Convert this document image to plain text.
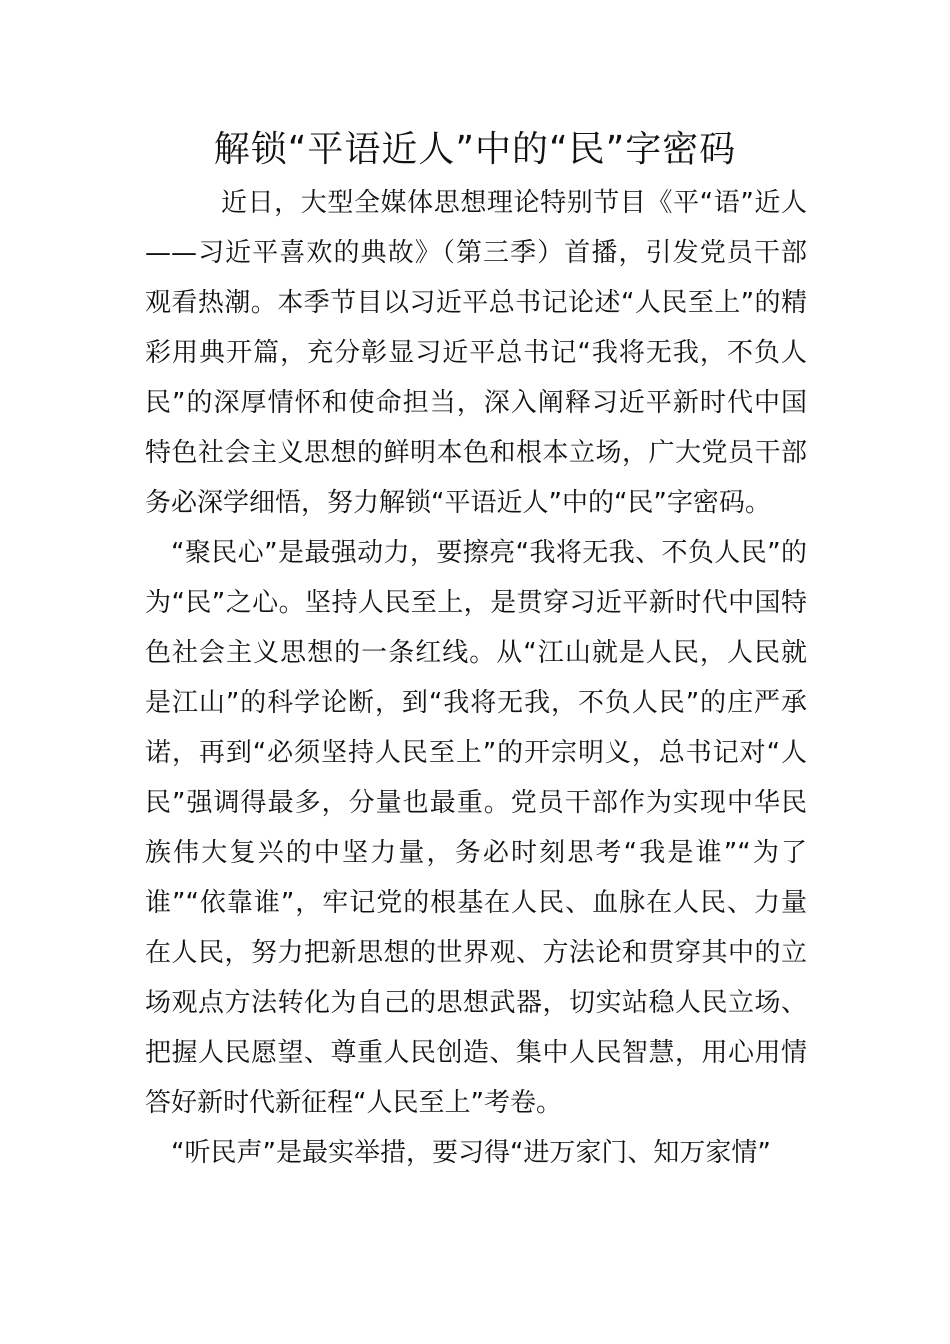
解锁“平语近人”中的“民”字密码

近日，大型全媒体思想理论特别节目《平“语”近人——习近平喜欢的典故》（第三季）首播，引发党员干部观看热潮。本季节目以习近平总书记论述“人民至上”的精彩用典开篇，充分彰显习近平总书记“我将无我，不负人民”的深厚情怀和使命担当，深入阐释习近平新时代中国特色社会主义思想的鲜明本色和根本立场，广大党员干部务必深学细悟，努力解锁“平语近人”中的“民”字密码。

“聚民心”是最强动力，要擦亮“我将无我、不负人民”的为“民”之心。坚持人民至上，是贯穿习近平新时代中国特色社会主义思想的一条红线。从“江山就是人民，人民就是江山”的科学论断，到“我将无我，不负人民”的庄严承诺，再到“必须坚持人民至上”的开宗明义，总书记对“人民”强调得最多，分量也最重。党员干部作为实现中华民族伟大复兴的中坚力量，务必时刻思考“我是谁”“为了谁”“依靠谁”，牢记党的根基在人民、血脉在人民、力量在人民，努力把新思想的世界观、方法论和贯穿其中的立场观点方法转化为自己的思想武器，切实站稳人民立场、把握人民愿望、尊重人民创造、集中人民智慧，用心用情答好新时代新征程“人民至上”考卷。

“听民声”是最实举措，要习得“进万家门、知万家情”
